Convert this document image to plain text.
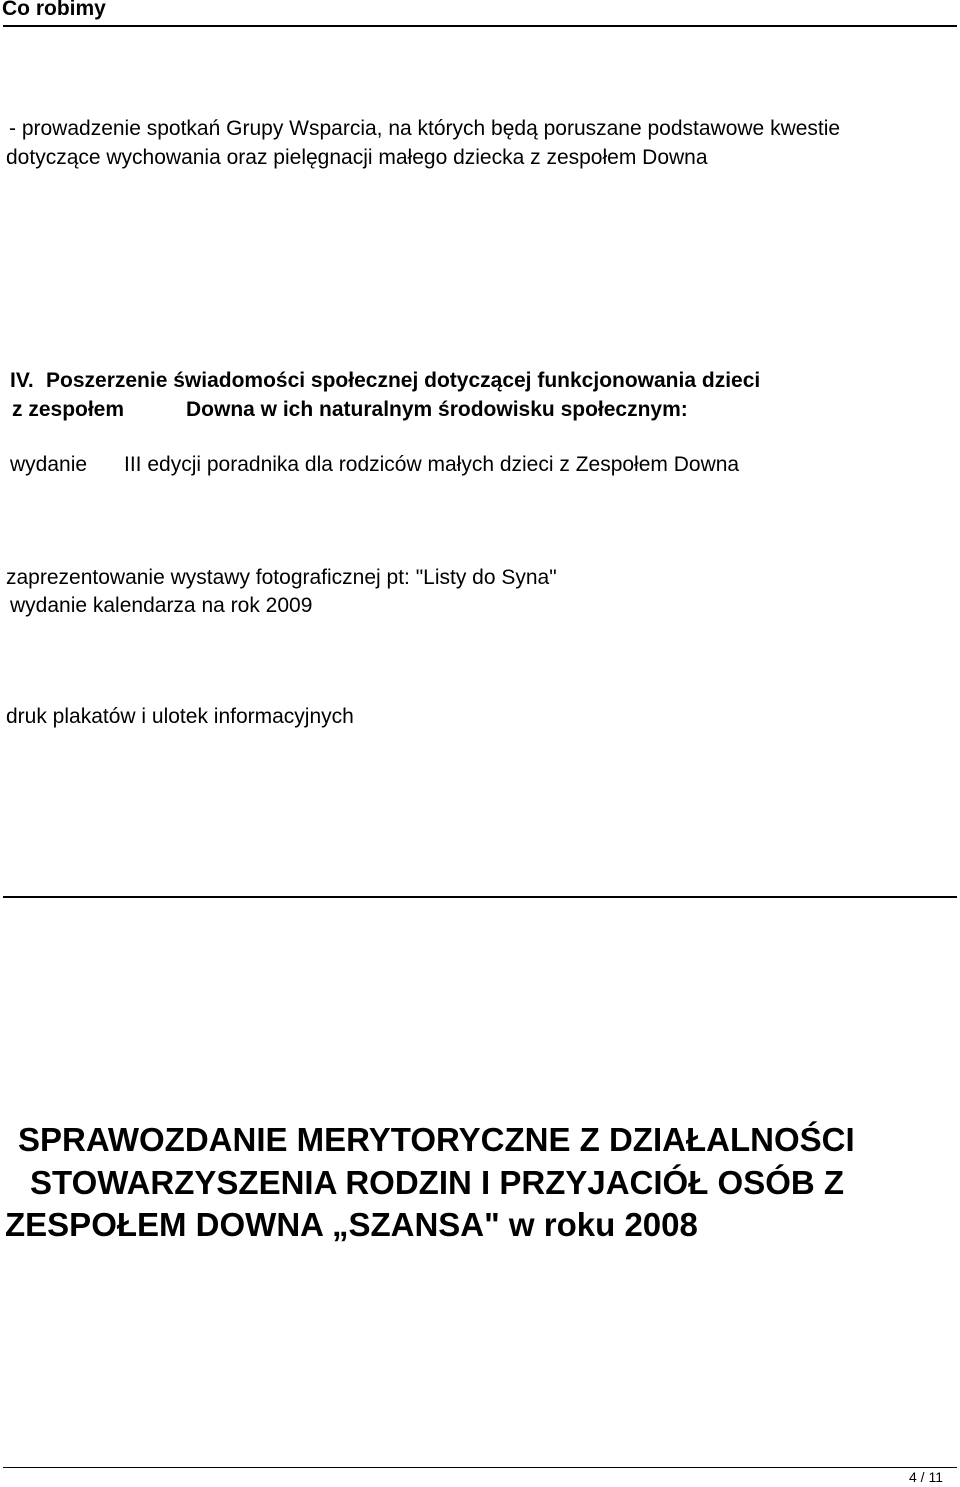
Co robimy
- prowadzenie spotkań Grupy Wsparcia, na których będą poruszane podstawowe kwestie
dotyczące wychowania oraz pielęgnacji małego dziecka z zespołem Downa
IV. Poszerzenie świadomości społecznej dotyczącej funkcjonowania dzieci
z zespołem	Downa w ich naturalnym środowisku społecznym:
wydanie III edycji poradnika dla rodziców małych dzieci z Zespołem Downa
zaprezentowanie wystawy fotograficznej pt: "Listy do Syna"
wydanie kalendarza na rok 2009
druk plakatów i ulotek informacyjnych
SPRAWOZDANIE MERYTORYCZNE Z DZIAŁALNOŚCI
STOWARZYSZENIA RODZIN I PRZYJACIÓŁ OSÓB Z
ZESPOŁEM DOWNA „SZANSA" w roku 2008
4 / 11
